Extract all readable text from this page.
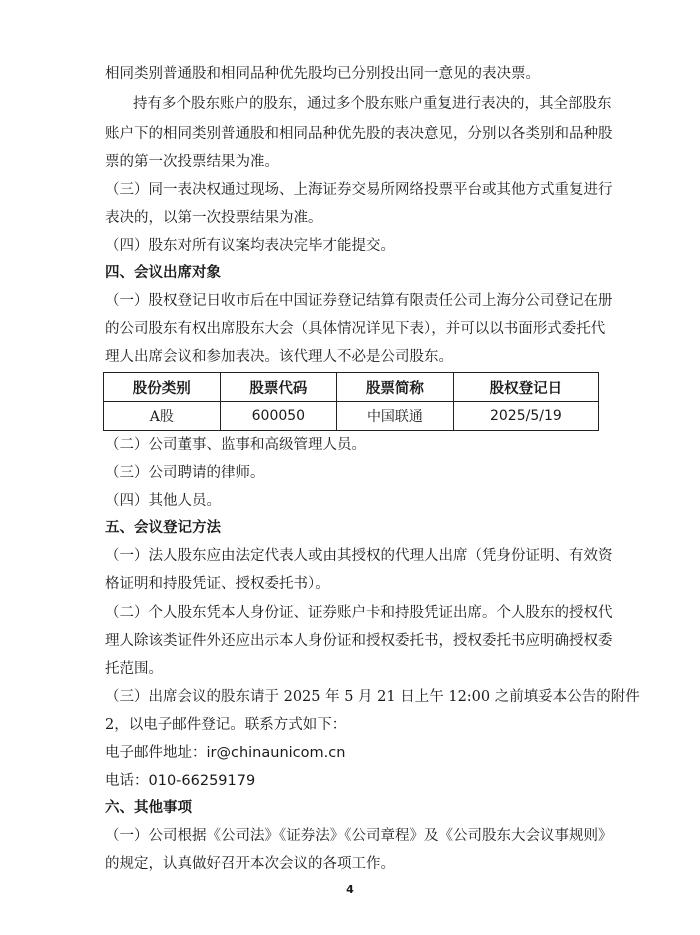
相同类别普通股和相同品种优先股均已分别投出同一意见的表决票。
持有多个股东账户的股东，通过多个股东账户重复进行表决的，其全部股东
账户下的相同类别普通股和相同品种优先股的表决意见，分别以各类别和品种股
票的第一次投票结果为准。
（三）同一表决权通过现场、上海证券交易所网络投票平台或其他方式重复进行
表决的，以第一次投票结果为准。
（四）股东对所有议案均表决完毕才能提交。
四、会议出席对象
（一）股权登记日收市后在中国证券登记结算有限责任公司上海分公司登记在册
的公司股东有权出席股东大会（具体情况详见下表），并可以以书面形式委托代
理人出席会议和参加表决。该代理人不必是公司股东。
股份类别	股票代码	股票简称	股权登记日
A股	600050	中国联通	2025/5/19
（二）公司董事、监事和高级管理人员。
（三）公司聘请的律师。
（四）其他人员。
五、会议登记方法
（一）法人股东应由法定代表人或由其授权的代理人出席（凭身份证明、有效资
格证明和持股凭证、授权委托书）。
（二）个人股东凭本人身份证、证券账户卡和持股凭证出席。个人股东的授权代
理人除该类证件外还应出示本人身份证和授权委托书，授权委托书应明确授权委
托范围。
（三）出席会议的股东请于 2025 年 5 月 21 日上午 12:00 之前填妥本公告的附件
2，以电子邮件登记。联系方式如下：
电子邮件地址：ir@chinaunicom.cn
电话：010-66259179
六、其他事项
（一）公司根据《公司法》《证券法》《公司章程》及《公司股东大会议事规则》
的规定，认真做好召开本次会议的各项工作。
4
